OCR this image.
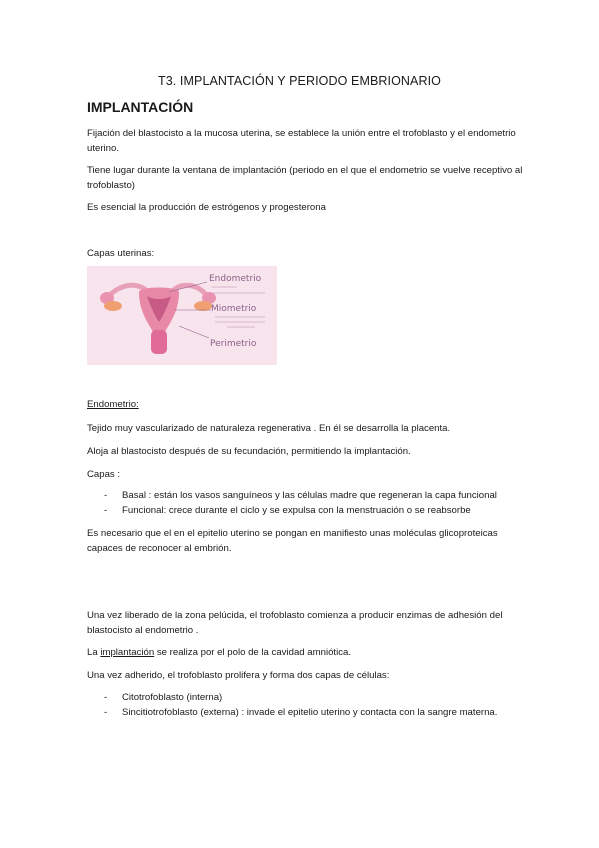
T3. IMPLANTACIÓN Y PERIODO EMBRIONARIO
IMPLANTACIÓN

Fijación del blastocisto a la mucosa uterina, se establece la unión entre el trofoblasto y el endometrio uterino.

Tiene lugar durante la ventana de implantación (periodo en el que el endometrio se vuelve receptivo al trofoblasto)

Es esencial la producción de estrógenos y progesterona

Capas uterinas:

Endometrio
Miometrio
Perimetrio

Endometrio:

Tejido muy vascularizado de naturaleza regenerativa . En él se desarrolla la placenta.

Aloja al blastocisto después de su fecundación, permitiendo la implantación.

Capas :

- Basal : están los vasos sanguíneos y las células madre que regeneran la capa funcional
- Funcional: crece durante el ciclo y se expulsa con la menstruación o se reabsorbe

Es necesario que el en el epitelio uterino se pongan en manifiesto unas moléculas glicoproteicas capaces de reconocer al embrión.

Una vez liberado de la zona pelúcida, el trofoblasto comienza a producir enzimas de adhesión del blastocisto al endometrio .

La implantación se realiza por el polo de la cavidad amniótica.

Una vez adherido, el trofoblasto prolifera y forma dos capas de células:

- Citotrofoblasto (interna)
- Sincitiotrofoblasto (externa) : invade el epitelio uterino y contacta con la sangre materna.
